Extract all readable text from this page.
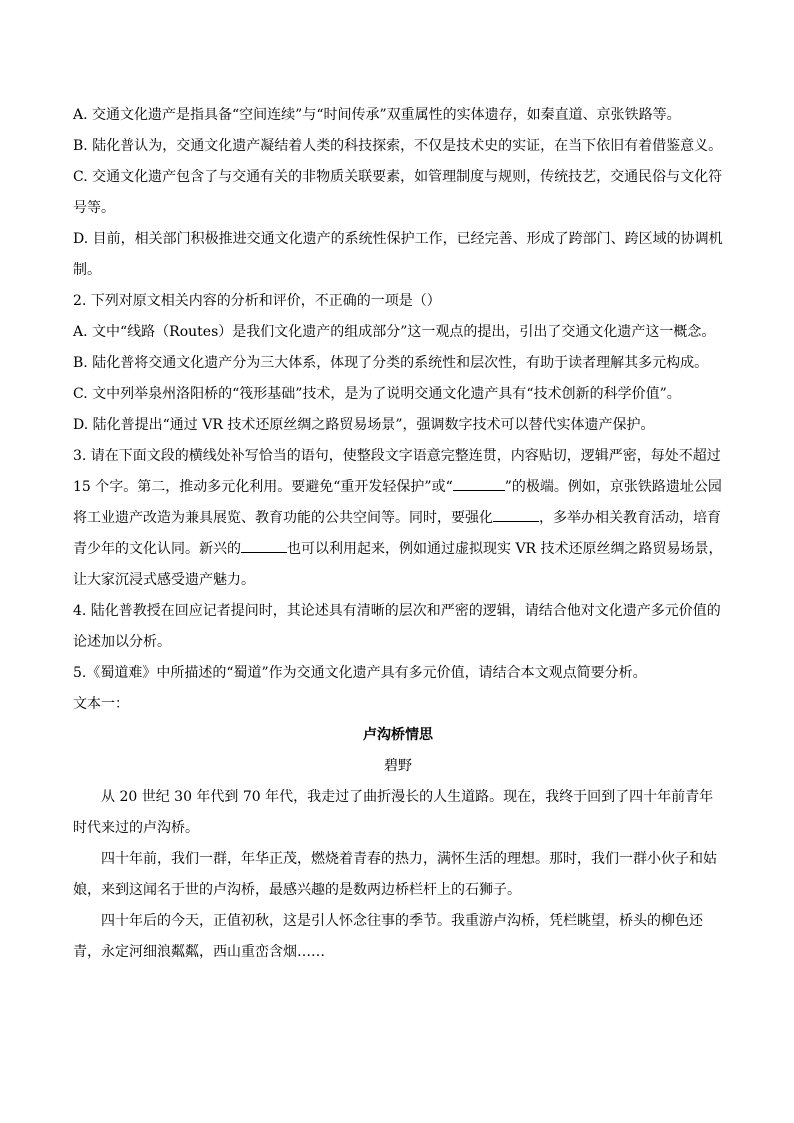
A. 交通文化遗产是指具备“空间连续”与“时间传承”双重属性的实体遗存，如秦直道、京张铁路等。

B. 陆化普认为，交通文化遗产凝结着人类的科技探索，不仅是技术史的实证，在当下依旧有着借鉴意义。

C. 交通文化遗产包含了与交通有关的非物质关联要素，如管理制度与规则，传统技艺，交通民俗与文化符号等。

D. 目前，相关部门积极推进交通文化遗产的系统性保护工作，已经完善、形成了跨部门、跨区域的协调机制。

2. 下列对原文相关内容的分析和评价，不正确的一项是（）

A. 文中“线路（Routes）是我们文化遗产的组成部分”这一观点的提出，引出了交通文化遗产这一概念。

B. 陆化普将交通文化遗产分为三大体系，体现了分类的系统性和层次性，有助于读者理解其多元构成。

C. 文中列举泉州洛阳桥的“筏形基础”技术，是为了说明交通文化遗产具有“技术创新的科学价值”。

D. 陆化普提出“通过 VR 技术还原丝绸之路贸易场景”，强调数字技术可以替代实体遗产保护。

3. 请在下面文段的横线处补写恰当的语句，使整段文字语意完整连贯，内容贴切，逻辑严密，每处不超过 15 个字。第二，推动多元化利用。要避免“重开发轻保护”或“	”的极端。例如，京张铁路遗址公园将工业遗产改造为兼具展览、教育功能的公共空间等。同时，要强化	，多举办相关教育活动，培育青少年的文化认同。新兴的	也可以利用起来，例如通过虚拟现实 VR 技术还原丝绸之路贸易场景，让大家沉浸式感受遗产魅力。

4. 陆化普教授在回应记者提问时，其论述具有清晰的层次和严密的逻辑，请结合他对文化遗产多元价值的论述加以分析。

5.《蜀道难》中所描述的“蜀道”作为交通文化遗产具有多元价值，请结合本文观点简要分析。

文本一：

卢沟桥情思

碧野

从 20 世纪 30 年代到 70 年代，我走过了曲折漫长的人生道路。现在，我终于回到了四十年前青年时代来过的卢沟桥。

四十年前，我们一群，年华正茂，燃烧着青春的热力，满怀生活的理想。那时，我们一群小伙子和姑娘，来到这闻名于世的卢沟桥，最感兴趣的是数两边桥栏杆上的石狮子。

四十年后的今天，正值初秋，这是引人怀念往事的季节。我重游卢沟桥，凭栏眺望，桥头的柳色还青，永定河细浪粼粼，西山重峦含烟……
